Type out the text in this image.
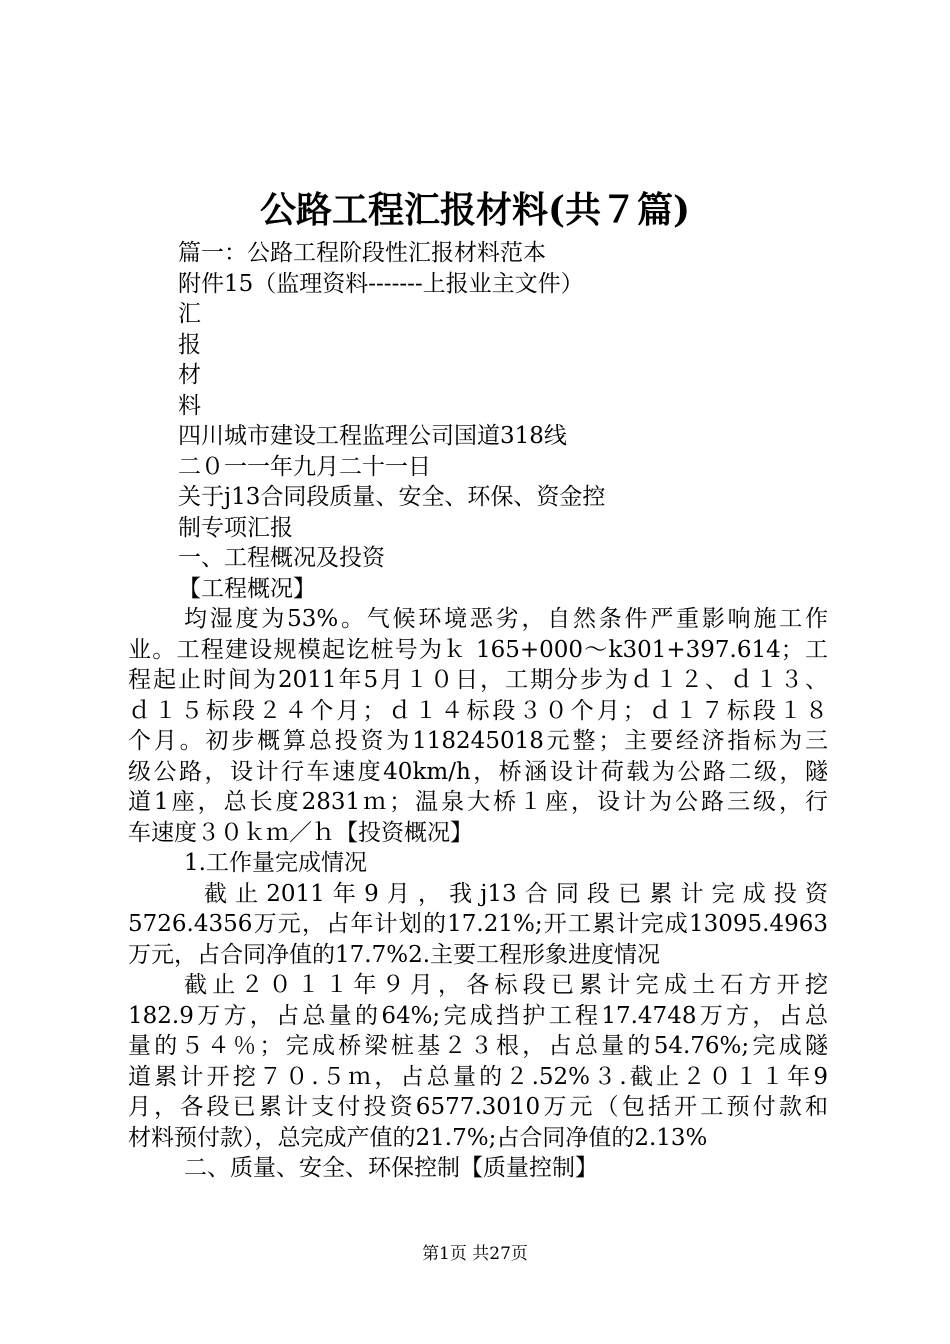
公路工程汇报材料(共７篇)
篇一：公路工程阶段性汇报材料范本
附件15（监理资料-------上报业主文件）
汇
报
材
料
四川城市建设工程监理公司国道318线
二０一一年九月二十一日
关于j13合同段质量、安全、环保、资金控
制专项汇报
一、工程概况及投资
【工程概况】
均湿度为53%。气候环境恶劣，自然条件严重影响施工作
业。工程建设规模起讫桩号为ｋ 165+000～k301+397.614；工
程起止时间为2011年5月１０日，工期分步为ｄ１２、ｄ１３、
ｄ１５标段２４个月；ｄ１４标段３０个月；ｄ１７标段１８
个月。初步概算总投资为118245018元整；主要经济指标为三
级公路，设计行车速度40km/h，桥涵设计荷载为公路二级，隧
道1座，总长度2831ｍ；温泉大桥１座，设计为公路三级，行
车速度３０ｋｍ／ｈ【投资概况】
1.工作量完成情况
截止2011年9月，我j13合同段已累计完成投资
5726.4356万元，占年计划的17.21%;开工累计完成13095.4963
万元，占合同净值的17.7%2.主要工程形象进度情况
截止２０１１年９月，各标段已累计完成土石方开挖
182.9万方，占总量的64%;完成挡护工程17.4748万方，占总
量的５４％；完成桥梁桩基２３根，占总量的54.76%;完成隧
道累计开挖７０.５ｍ，占总量的２.52%３.截止２０１１年9
月，各段已累计支付投资6577.3010万元（包括开工预付款和
材料预付款），总完成产值的21.7%;占合同净值的2.13%
二、质量、安全、环保控制【质量控制】
第1页 共27页
